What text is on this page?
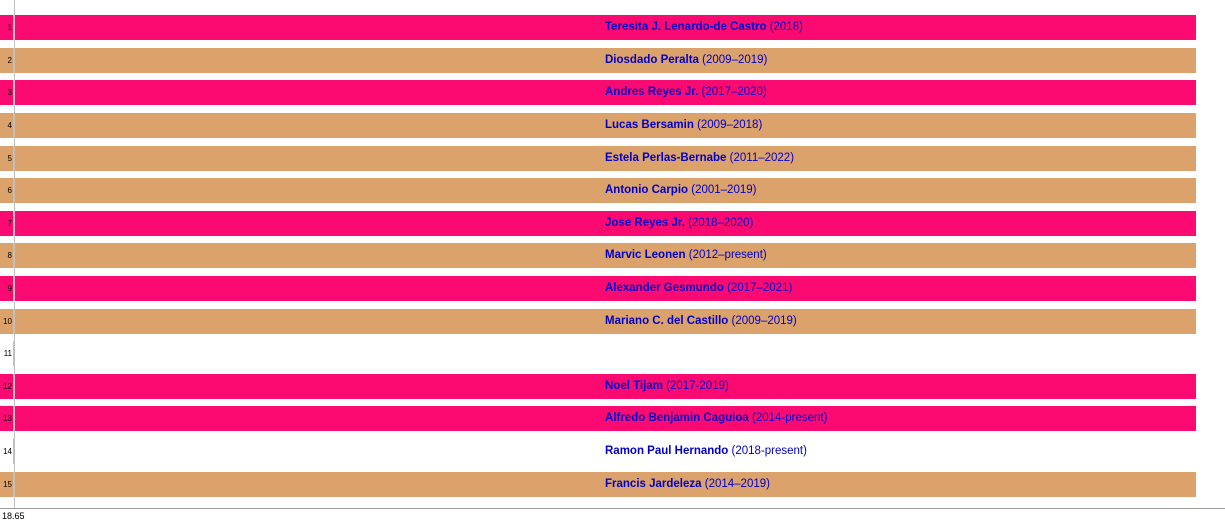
1	Teresita J. Lenardo-de Castro (2018)
2	Diosdado Peralta (2009–2019)
3	Andres Reyes Jr. (2017–2020)
4	Lucas Bersamin (2009–2018)
5	Estela Perlas-Bernabe (2011–2022)
6	Antonio Carpio (2001–2019)
7	Jose Reyes Jr. (2018–2020)
8	Marvic Leonen (2012–present)
9	Alexander Gesmundo (2017–2021)
10	Mariano C. del Castillo (2009–2019)
11
12	Noel Tijam (2017-2019)
13	Alfredo Benjamin Caguioa (2014-present)
14	Ramon Paul Hernando (2018-present)
15	Francis Jardeleza (2014–2019)
18.65
